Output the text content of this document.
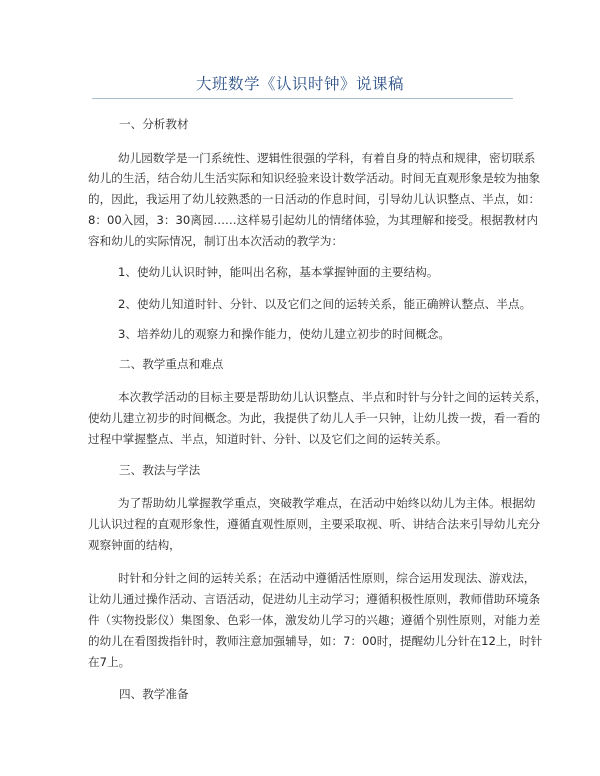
大班数学《认识时钟》说课稿
一、分析教材
幼儿园数学是一门系统性、逻辑性很强的学科，有着自身的特点和规律，密切联系
幼儿的生活，结合幼儿生活实际和知识经验来设计数学活动。时间无直观形象是较为抽象
的，因此，我运用了幼儿较熟悉的一日活动的作息时间，引导幼儿认识整点、半点，如：
8：00入园，3：30离园……这样易引起幼儿的情绪体验，为其理解和接受。根据教材内
容和幼儿的实际情况，制订出本次活动的教学为：
1、使幼儿认识时钟，能叫出名称，基本掌握钟面的主要结构。
2、使幼儿知道时针、分针、以及它们之间的运转关系，能正确辨认整点、半点。
3、培养幼儿的观察力和操作能力，使幼儿建立初步的时间概念。
二、教学重点和难点
本次教学活动的目标主要是帮助幼儿认识整点、半点和时针与分针之间的运转关系，
使幼儿建立初步的时间概念。为此，我提供了幼儿人手一只钟，让幼儿拨一拨，看一看的
过程中掌握整点、半点，知道时针、分针、以及它们之间的运转关系。
三、教法与学法
为了帮助幼儿掌握教学重点，突破教学难点，在活动中始终以幼儿为主体。根据幼
儿认识过程的直观形象性，遵循直观性原则，主要采取视、听、讲结合法来引导幼儿充分
观察钟面的结构，
时针和分针之间的运转关系；在活动中遵循活性原则，综合运用发现法、游戏法，
让幼儿通过操作活动、言语活动，促进幼儿主动学习；遵循积极性原则，教师借助环境条
件（实物投影仪）集图象、色彩一体，激发幼儿学习的兴趣；遵循个别性原则，对能力差
的幼儿在看图拨指针时，教师注意加强辅导，如：7：00时，提醒幼儿分针在12上，时针
在7上。
四、教学准备
